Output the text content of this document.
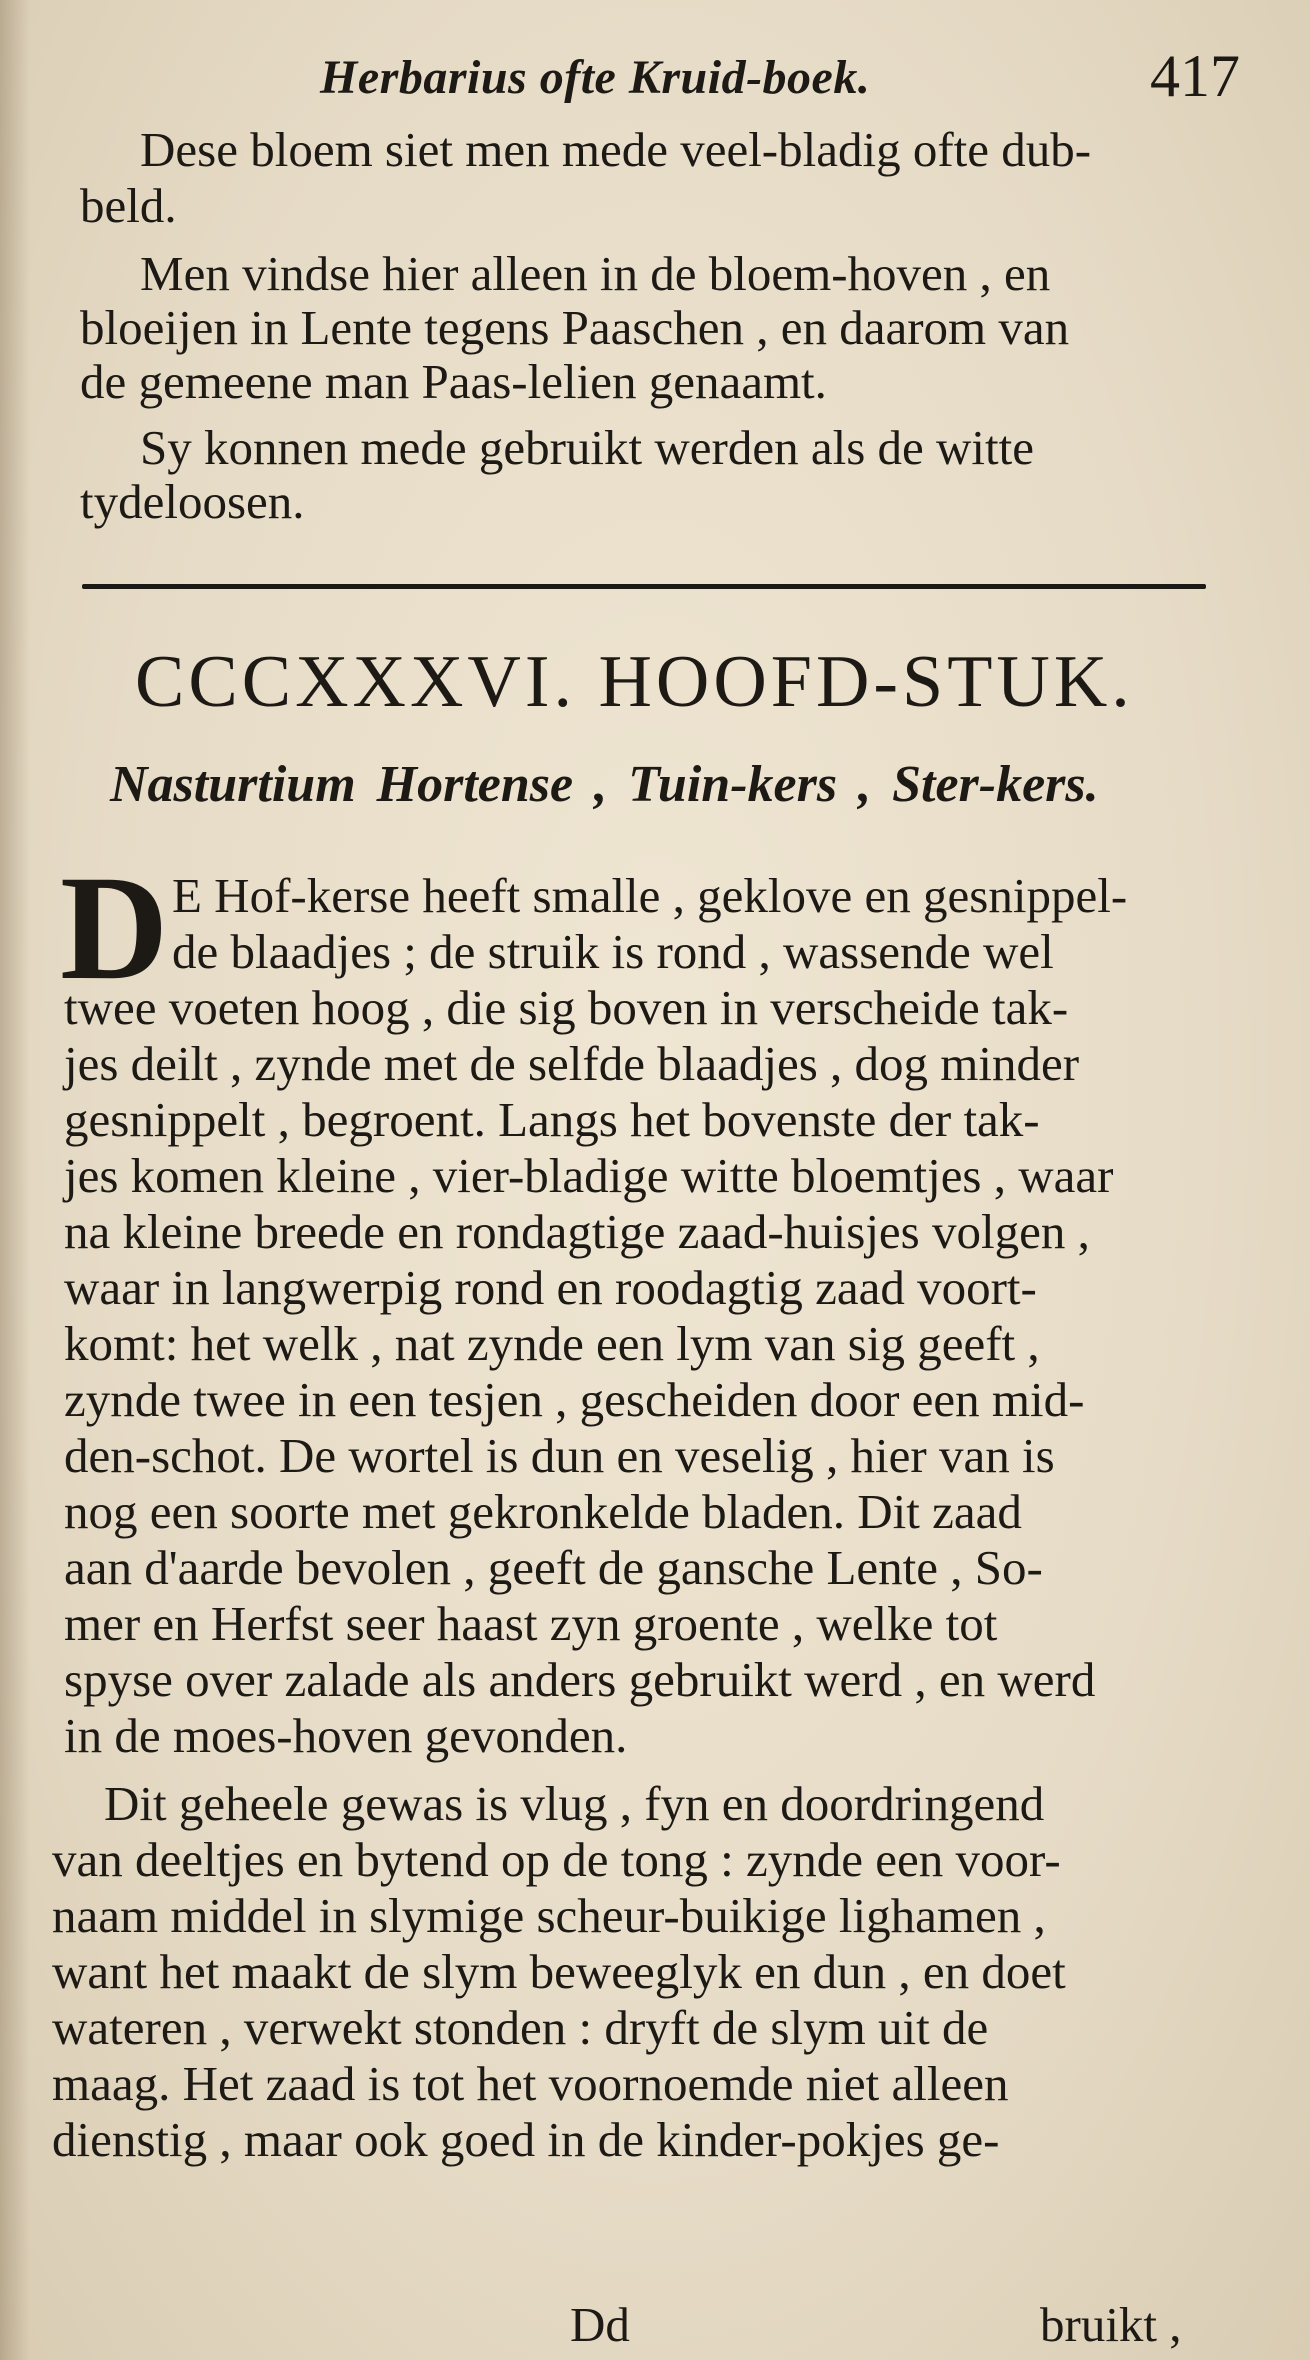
Herbarius ofte Kruid-boek.	417
Dese bloem siet men mede veel-bladig ofte dub-
beld.
Men vindse hier alleen in de bloem-hoven , en
bloeijen in Lente tegens Paaschen , en daarom van
de gemeene man Paas-lelien genaamt.
Sy konnen mede gebruikt werden als de witte
tydeloosen.
CCCXXXVI. HOOFD-STUK.
Nasturtium Hortense , Tuin-kers , Ster-kers.
D E Hof-kerse heeft smalle , geklove en gesnippel-
de blaadjes ; de struik is rond , wassende wel
twee voeten hoog , die sig boven in verscheide tak-
jes deilt , zynde met de selfde blaadjes , dog minder
gesnippelt , begroent. Langs het bovenste der tak-
jes komen kleine , vier-bladige witte bloemtjes , waar
na kleine breede en rondagtige zaad-huisjes volgen ,
waar in langwerpig rond en roodagtig zaad voort-
komt: het welk , nat zynde een lym van sig geeft ,
zynde twee in een tesjen , gescheiden door een mid-
den-schot. De wortel is dun en veselig , hier van is
nog een soorte met gekronkelde bladen. Dit zaad
aan d'aarde bevolen , geeft de gansche Lente , So-
mer en Herfst seer haast zyn groente , welke tot
spyse over zalade als anders gebruikt werd , en werd
in de moes-hoven gevonden.
Dit geheele gewas is vlug , fyn en doordringend
van deeltjes en bytend op de tong : zynde een voor-
naam middel in slymige scheur-buikige lighamen ,
want het maakt de slym beweeglyk en dun , en doet
wateren , verwekt stonden : dryft de slym uit de
maag. Het zaad is tot het voornoemde niet alleen
dienstig , maar ook goed in de kinder-pokjes ge-
Dd	bruikt ,
